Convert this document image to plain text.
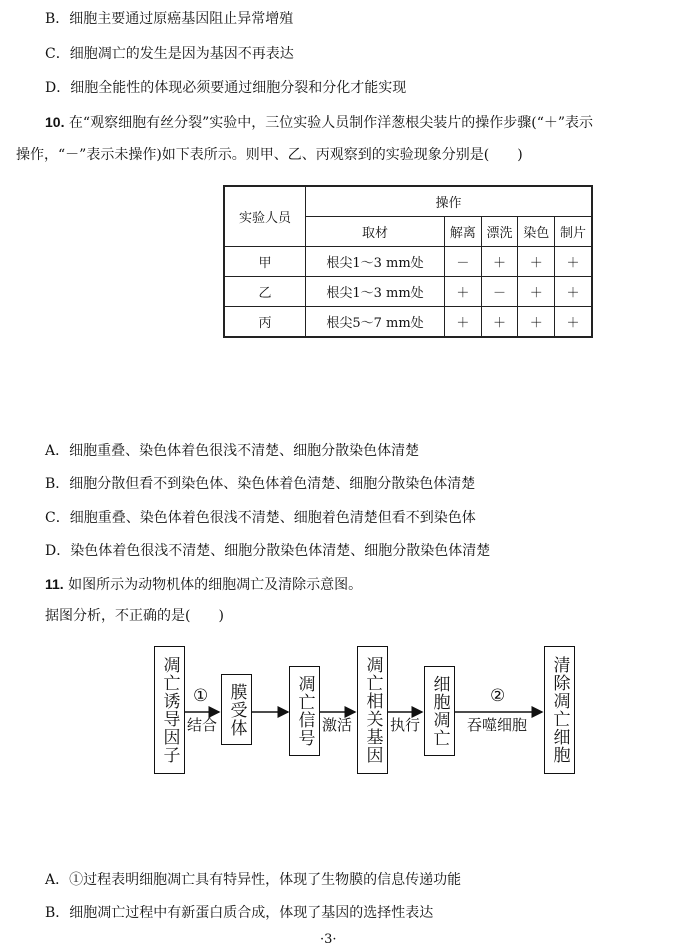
B．细胞主要通过原癌基因阻止异常增殖
C．细胞凋亡的发生是因为基因不再表达
D．细胞全能性的体现必须要通过细胞分裂和分化才能实现
10. 在“观察细胞有丝分裂”实验中，三位实验人员制作洋葱根尖装片的操作步骤(“＋”表示
操作，“－”表示未操作)如下表所示。则甲、乙、丙观察到的实验现象分别是(　　)
实验人员	操作				
	取材	解离	漂洗	染色	制片
甲	根尖1～3 mm处	－	＋	＋	＋
乙	根尖1～3 mm处	＋	－	＋	＋
丙	根尖5～7 mm处	＋	＋	＋	＋
A．细胞重叠、染色体着色很浅不清楚、细胞分散染色体清楚
B．细胞分散但看不到染色体、染色体着色清楚、细胞分散染色体清楚
C．细胞重叠、染色体着色很浅不清楚、细胞着色清楚但看不到染色体
D．染色体着色很浅不清楚、细胞分散染色体清楚、细胞分散染色体清楚
11. 如图所示为动物机体的细胞凋亡及清除示意图。
据图分析，不正确的是(　　)
凋亡诱导因子	膜受体	凋亡信号	凋亡相关基因	细胞凋亡	清除凋亡细胞
①
结合	激活	执行
②
吞噬细胞
A．①过程表明细胞凋亡具有特异性，体现了生物膜的信息传递功能
B．细胞凋亡过程中有新蛋白质合成，体现了基因的选择性表达
·3·
